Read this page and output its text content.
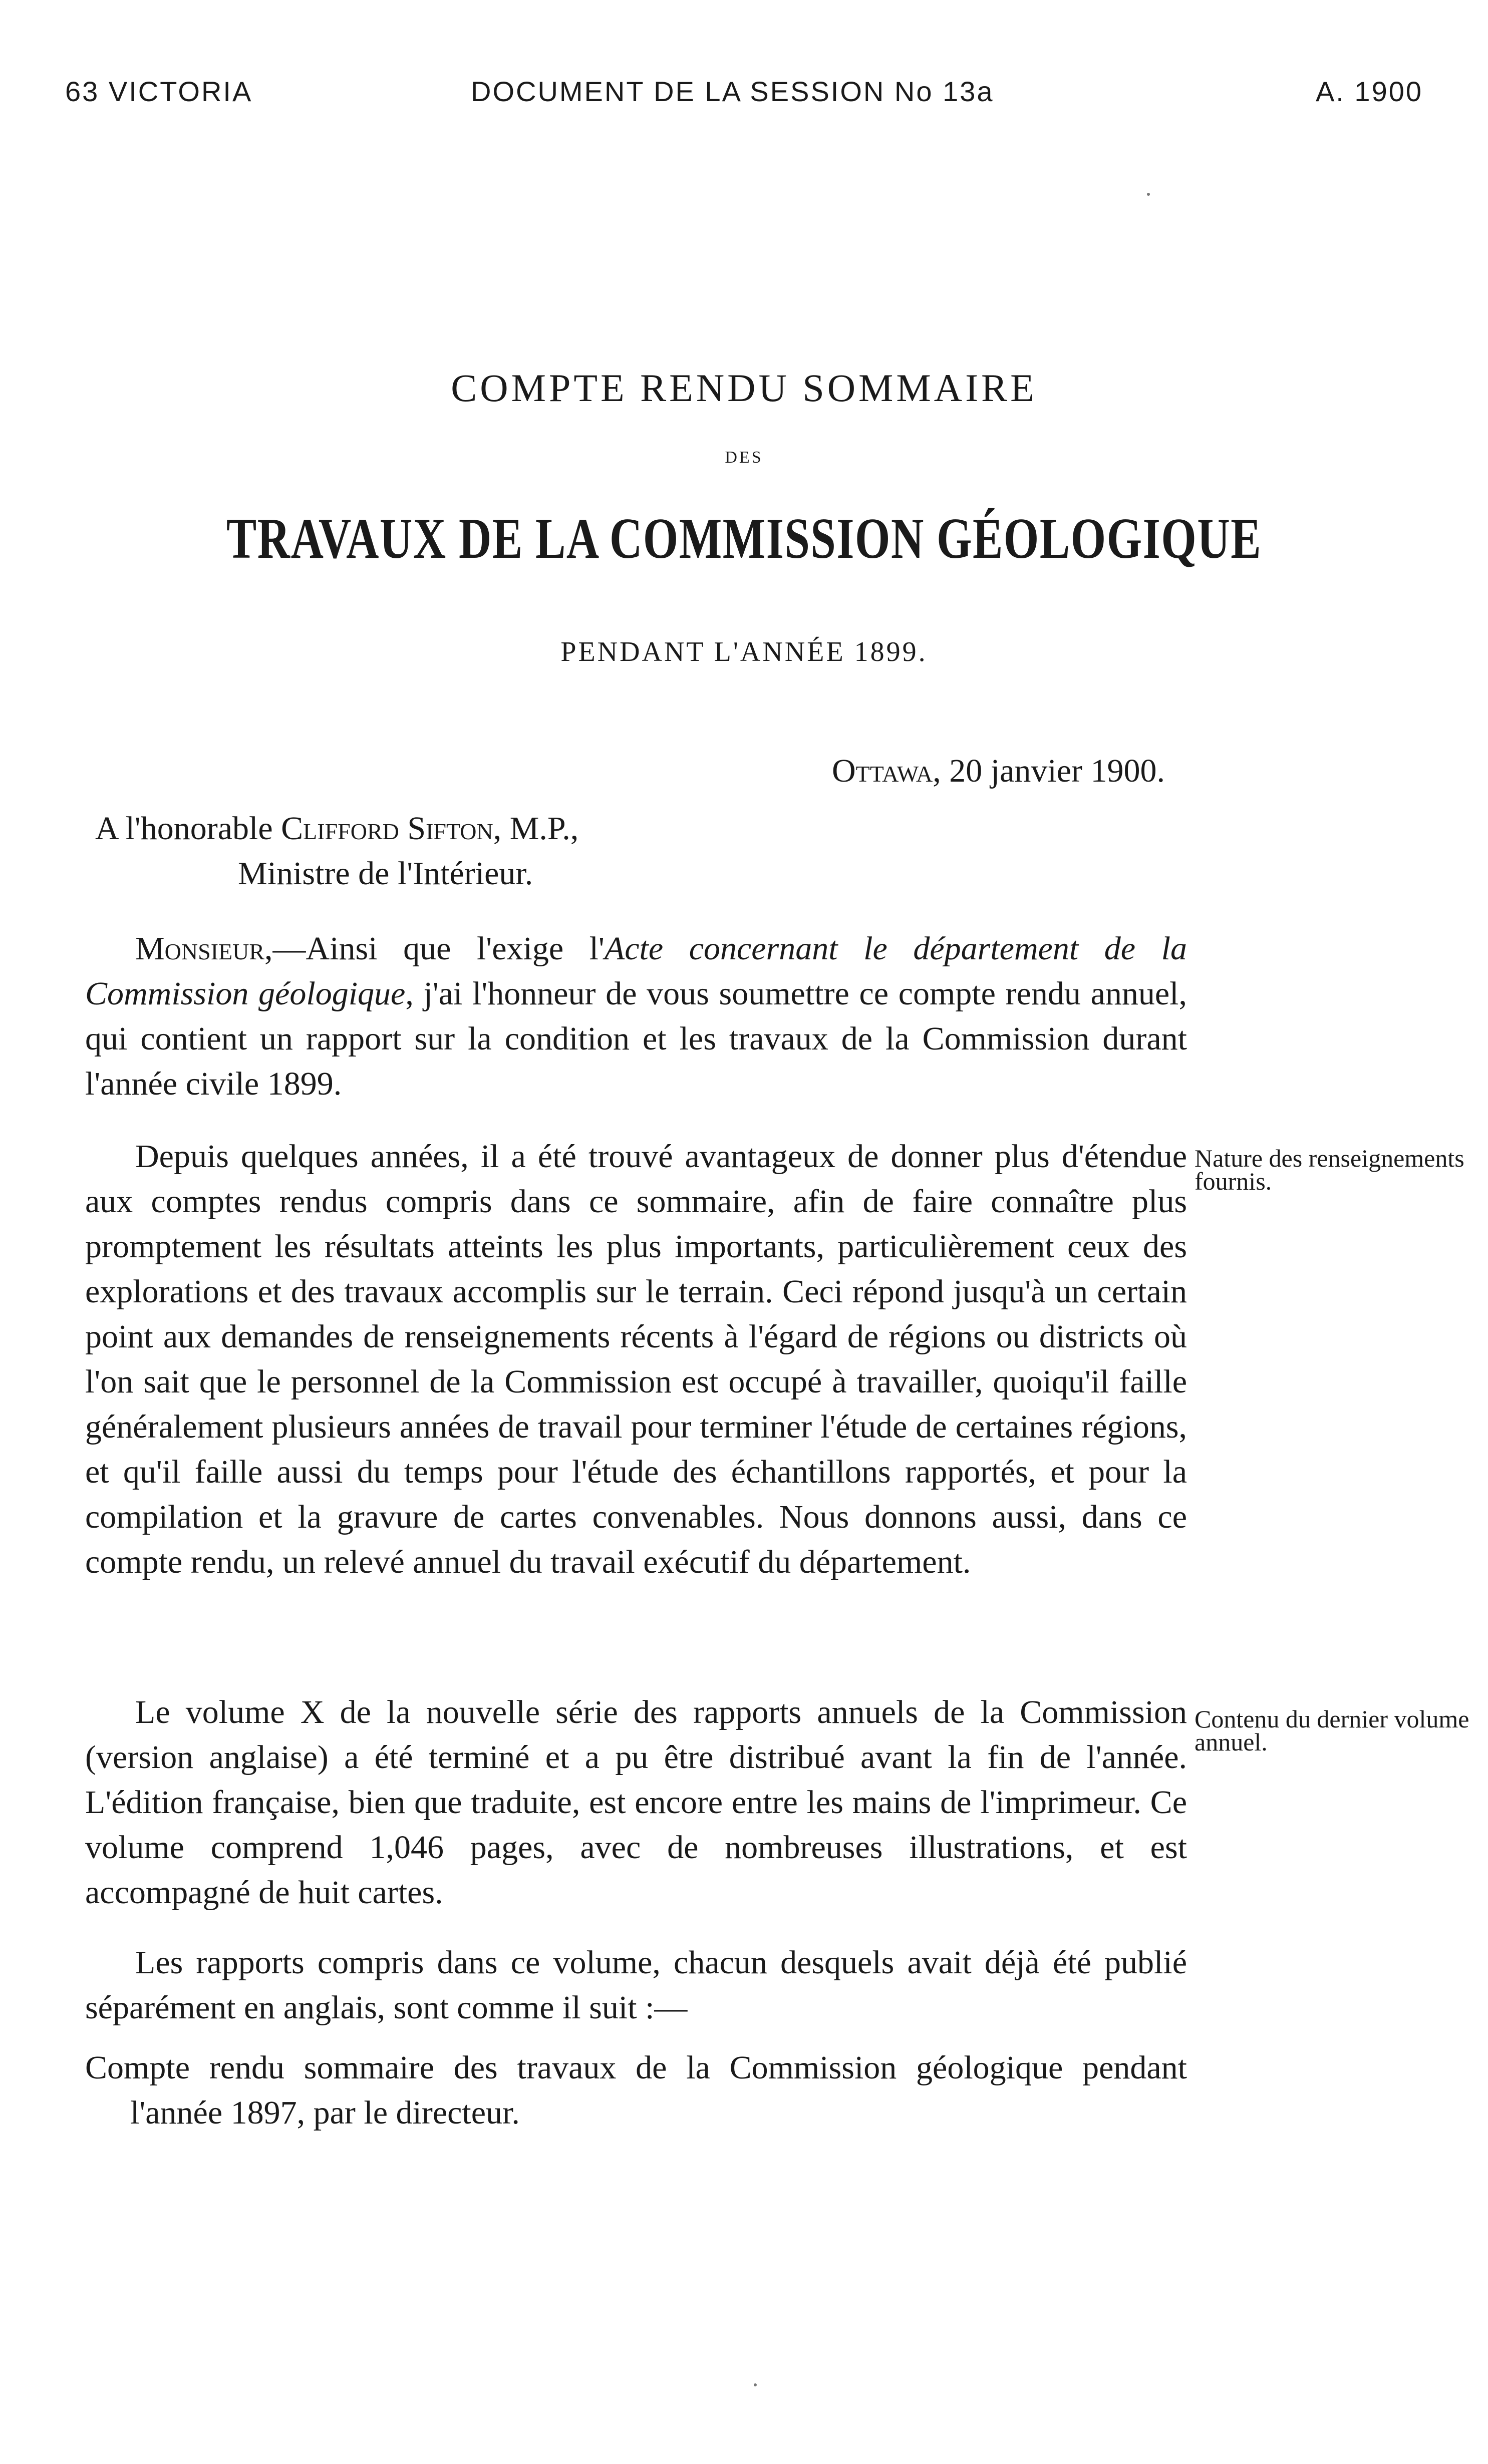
63 VICTORIA	DOCUMENT DE LA SESSION No 13a	A. 1900
COMPTE RENDU SOMMAIRE
DES
TRAVAUX DE LA COMMISSION GÉOLOGIQUE
PENDANT L'ANNÉE 1899.
Ottawa, 20 janvier 1900.
A l'honorable Clifford Sifton, M.P.,
Ministre de l'Intérieur.

Monsieur,—Ainsi que l'exige l'Acte concernant le département de la Commission géologique, j'ai l'honneur de vous soumettre ce compte rendu annuel, qui contient un rapport sur la condition et les travaux de la Commission durant l'année civile 1899.

Depuis quelques années, il a été trouvé avantageux de donner plus d'étendue aux comptes rendus compris dans ce sommaire, afin de faire connaître plus promptement les résultats atteints les plus importants, particulièrement ceux des explorations et des travaux accomplis sur le terrain. Ceci répond jusqu'à un certain point aux demandes de renseignements récents à l'égard de régions ou districts où l'on sait que le personnel de la Commission est occupé à travailler, quoiqu'il faille généralement plusieurs années de travail pour terminer l'étude de certaines régions, et qu'il faille aussi du temps pour l'étude des échantillons rapportés, et pour la compilation et la gravure de cartes convenables. Nous donnons aussi, dans ce compte rendu, un relevé annuel du travail exécutif du département.

Le volume X de la nouvelle série des rapports annuels de la Commission (version anglaise) a été terminé et a pu être distribué avant la fin de l'année. L'édition française, bien que traduite, est encore entre les mains de l'imprimeur. Ce volume comprend 1,046 pages, avec de nombreuses illustrations, et est accompagné de huit cartes.

Les rapports compris dans ce volume, chacun desquels avait déjà été publié séparément en anglais, sont comme il suit :—

Compte rendu sommaire des travaux de la Commission géologique pendant l'année 1897, par le directeur.

Nature des renseignements fournis.
Contenu du dernier volume annuel.
